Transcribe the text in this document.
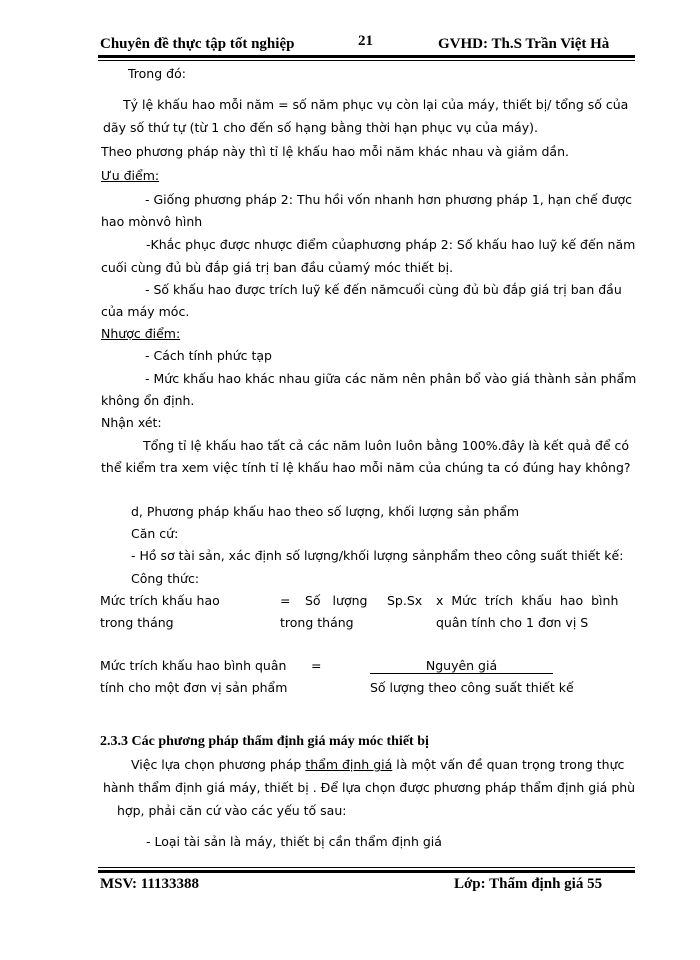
Chuyên đề thực tập tốt nghiệp	21	GVHD: Th.S Trần Việt Hà
Trong đó:
Tỷ lệ khấu hao mỗi năm = số năm phục vụ còn lại của máy, thiết bị/ tổng số của
dãy số thứ tự (từ 1 cho đến số hạng bằng thời hạn phục vụ của máy).
Theo phương pháp này thì tỉ lệ khấu hao mỗi năm khác nhau và giảm dần.
Ưu điểm:
- Giống phương pháp 2: Thu hồi vốn nhanh hơn phương pháp 1, hạn chế được
hao mònvô hình
-Khắc phục được nhược điểm củaphương pháp 2: Số khấu hao luỹ kế đến năm
cuối cùng đủ bù đắp giá trị ban đầu củamý móc thiết bị.
- Số khấu hao được trích luỹ kế đến nămcuối cùng đủ bù đắp giá trị ban đầu
của máy móc.
Nhược điểm:
- Cách tính phức tạp
- Mức khấu hao khác nhau giữa các năm nên phân bổ vào giá thành sản phẩm
không ổn định.
Nhận xét:
Tổng tỉ lệ khấu hao tất cả các năm luôn luôn bằng 100%.đây là kết quả để có
thể kiểm tra xem việc tính tỉ lệ khấu hao mỗi năm của chúng ta có đúng hay không?
d, Phương pháp khấu hao theo số lượng, khối lượng sản phẩm
Căn cứ:
- Hồ sơ tài sản, xác định số lượng/khối lượng sảnphẩm theo công suất thiết kế:
Công thức:
Mức trích khấu hao
trong tháng
= Số lượng Sp.Sx
trong tháng
x Mức trích khấu hao bình
quân tính cho 1 đơn vị S
Mức trích khấu hao bình quân
tính cho một đơn vị sản phẩm
=	Nguyên giá
Số lượng theo công suất thiết kế
2.3.3 Các phương pháp thẩm định giá máy móc thiết bị
Việc lựa chọn phương pháp thẩm định giá là một vấn đề quan trọng trong thực
hành thẩm định giá máy, thiết bị . Để lựa chọn được phương pháp thẩm định giá phù
hợp, phải căn cứ vào các yếu tố sau:
- Loại tài sản là máy, thiết bị cần thẩm định giá
MSV: 11133388	Lớp: Thẩm định giá 55
